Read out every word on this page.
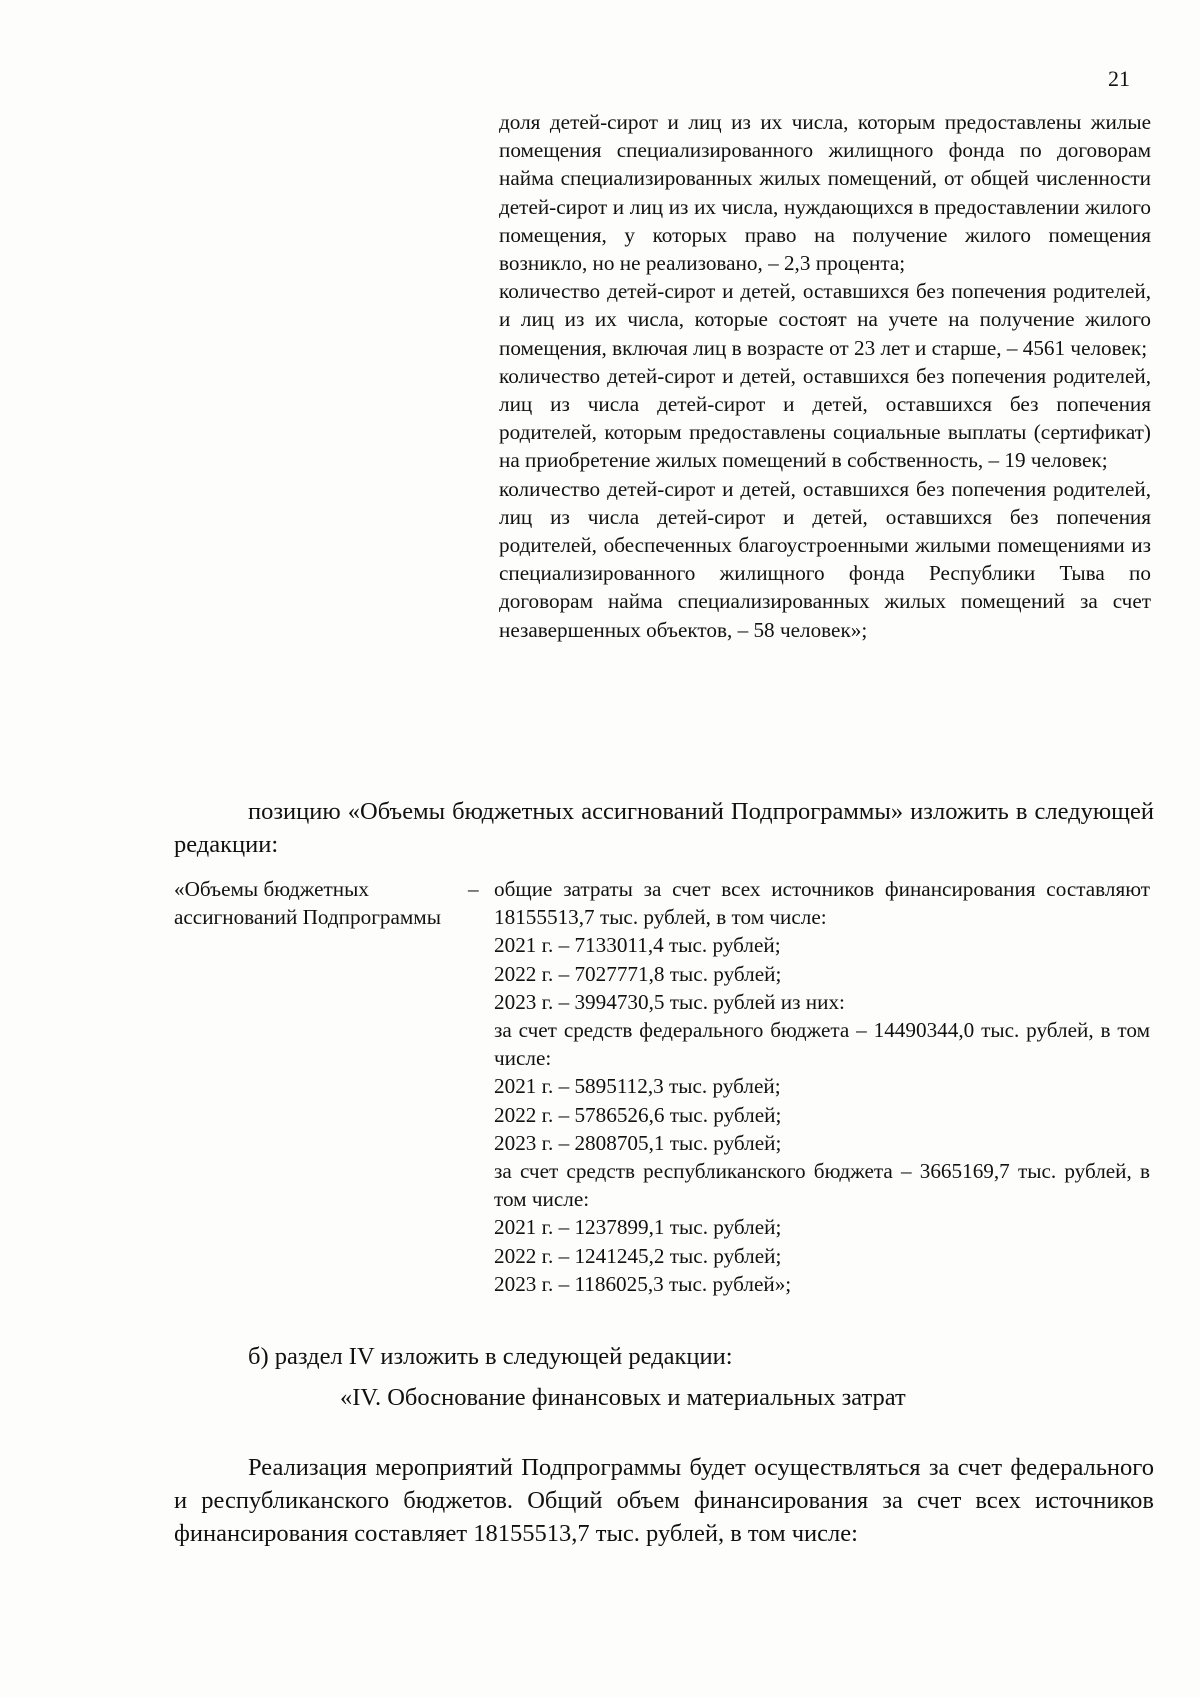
21

доля детей-сирот и лиц из их числа, которым предоставлены жилые помещения специализированного жилищного фонда по договорам найма специализированных жилых помещений, от общей численности детей-сирот и лиц из их числа, нуждающихся в предоставлении жилого помещения, у которых право на получение жилого помещения возникло, но не реализовано, – 2,3 процента;

количество детей-сирот и детей, оставшихся без попечения родителей, и лиц из их числа, которые состоят на учете на получение жилого помещения, включая лиц в возрасте от 23 лет и старше, – 4561 человек;

количество детей-сирот и детей, оставшихся без попечения родителей, лиц из числа детей-сирот и детей, оставшихся без попечения родителей, которым предоставлены социальные выплаты (сертификат) на приобретение жилых помещений в собственность, – 19 человек;

количество детей-сирот и детей, оставшихся без попечения родителей, лиц из числа детей-сирот и детей, оставшихся без попечения родителей, обеспеченных благоустроенными жилыми помещениями из специализированного жилищного фонда Республики Тыва по договорам найма специализированных жилых помещений за счет незавершенных объектов, – 58 человек»;

позицию «Объемы бюджетных ассигнований Подпрограммы» изложить в следующей редакции:

«Объемы бюджетных ассигнований Подпрограммы
– общие затраты за счет всех источников финансирования составляют 18155513,7 тыс. рублей, в том числе:

2021 г. – 7133011,4 тыс. рублей;

2022 г. – 7027771,8 тыс. рублей;

2023 г. – 3994730,5 тыс. рублей из них:

за счет средств федерального бюджета – 14490344,0 тыс. рублей, в том числе:

2021 г. – 5895112,3 тыс. рублей;

2022 г. – 5786526,6 тыс. рублей;

2023 г. – 2808705,1 тыс. рублей;

за счет средств республиканского бюджета – 3665169,7 тыс. рублей, в том числе:

2021 г. – 1237899,1 тыс. рублей;

2022 г. – 1241245,2 тыс. рублей;

2023 г. – 1186025,3 тыс. рублей»;

б) раздел IV изложить в следующей редакции:

«IV. Обоснование финансовых и материальных затрат

Реализация мероприятий Подпрограммы будет осуществляться за счет федерального и республиканского бюджетов. Общий объем финансирования за счет всех источников финансирования составляет 18155513,7 тыс. рублей, в том числе:
